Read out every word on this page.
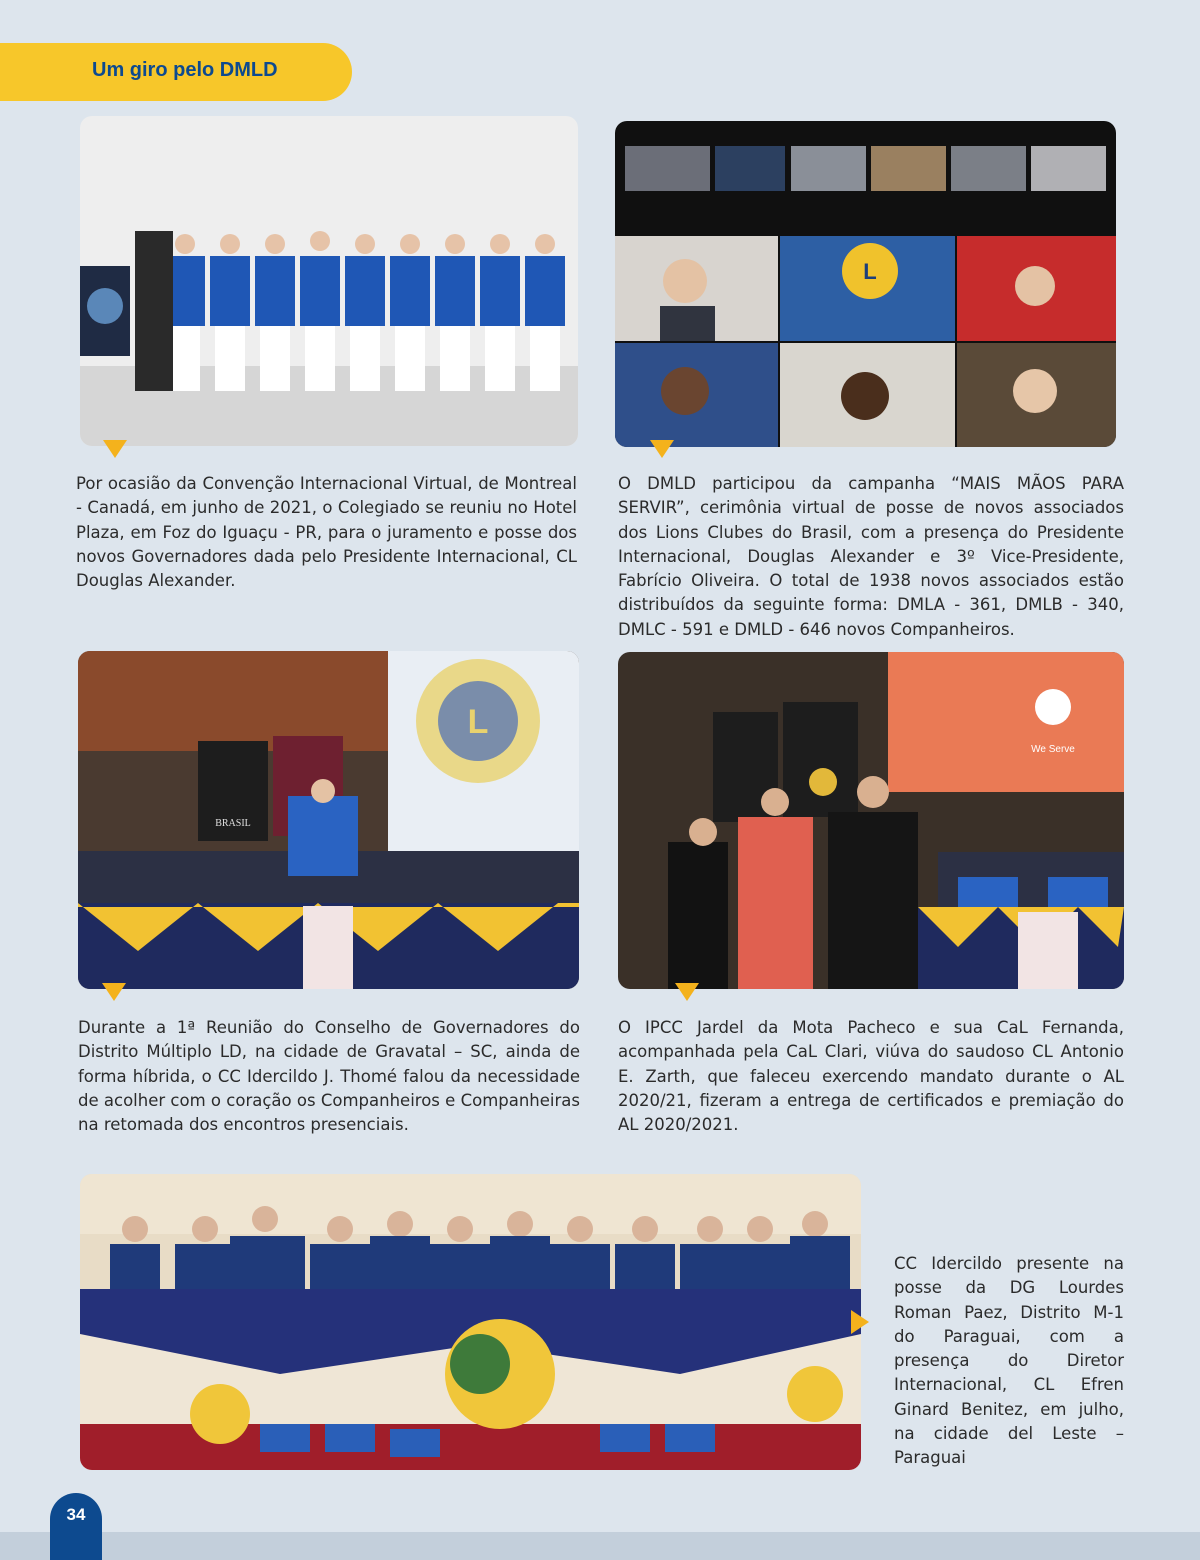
Um giro pelo DMLD
L

Por ocasião da Convenção Internacional Virtual, de Montreal - Canadá, em junho de 2021, o Colegiado se reuniu no Hotel Plaza, em Foz do Iguaçu - PR, para o juramento e posse dos novos Governadores dada pelo Presidente Internacional, CL Douglas Alexander.

O DMLD participou da campanha “MAIS MÃOS PARA SERVIR”, cerimônia virtual de posse de novos associados dos Lions Clubes do Brasil, com a presença do Presidente Internacional, Douglas Alexander e 3º Vice-Presidente, Fabrício Oliveira. O total de 1938 novos associados estão distribuídos da seguinte forma: DMLA - 361, DMLB - 340, DMLC - 591 e DMLD - 646 novos Companheiros.

L
BRASIL
We Serve

Durante a 1ª Reunião do Conselho de Governadores do Distrito Múltiplo LD, na cidade de Gravatal – SC, ainda de forma híbrida, o CC Idercildo J. Thomé falou da necessidade de acolher com o coração os Companheiros e Companheiras na retomada dos encontros presenciais.

O IPCC Jardel da Mota Pacheco e sua CaL Fernanda, acompanhada pela CaL Clari, viúva do saudoso CL Antonio E. Zarth, que faleceu exercendo mandato durante o AL 2020/21, fizeram a entrega de certificados e premiação do AL 2020/2021.

CC Idercildo presente na posse da DG Lourdes Roman Paez, Distrito M-1 do Paraguai, com a presença do Diretor Internacional, CL Efren Ginard Benitez, em julho, na cidade del Leste – Paraguai

34
